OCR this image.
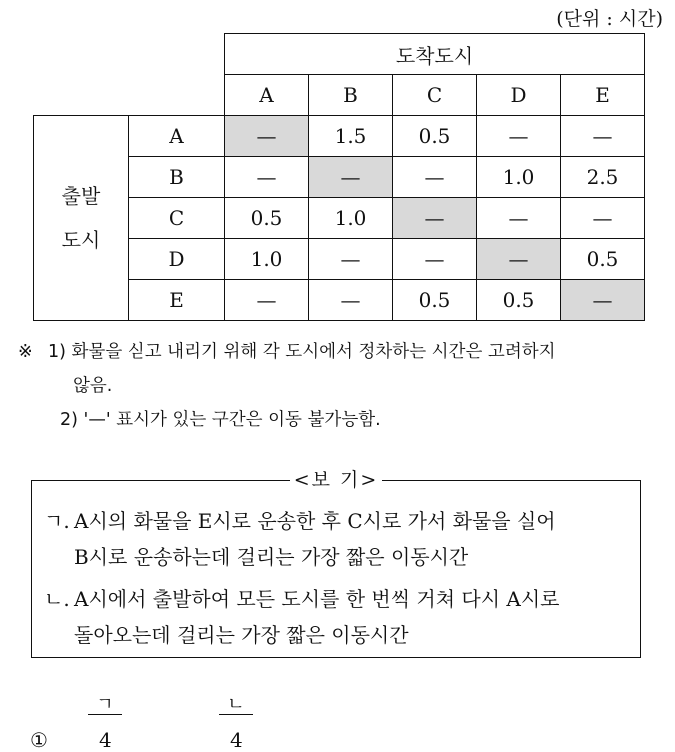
(단위 : 시간)
		도착도시				
		A	B	C	D	E
출발
도시	A	—	1.5	0.5	—	—
	B	—	—	—	1.0	2.5
	C	0.5	1.0	—	—	—
	D	1.0	—	—	—	0.5
	E	—	—	0.5	0.5	—
※ 1) 화물을 싣고 내리기 위해 각 도시에서 정차하는 시간은 고려하지
않음.
2) '—' 표시가 있는 구간은 이동 불가능함.
<보 기>
ㄱ. A시의 화물을 E시로 운송한 후 C시로 가서 화물을 실어
B시로 운송하는데 걸리는 가장 짧은 이동시간
ㄴ. A시에서 출발하여 모든 도시를 한 번씩 거쳐 다시 A시로
돌아오는데 걸리는 가장 짧은 이동시간
ㄱ	ㄴ
①	4	4
